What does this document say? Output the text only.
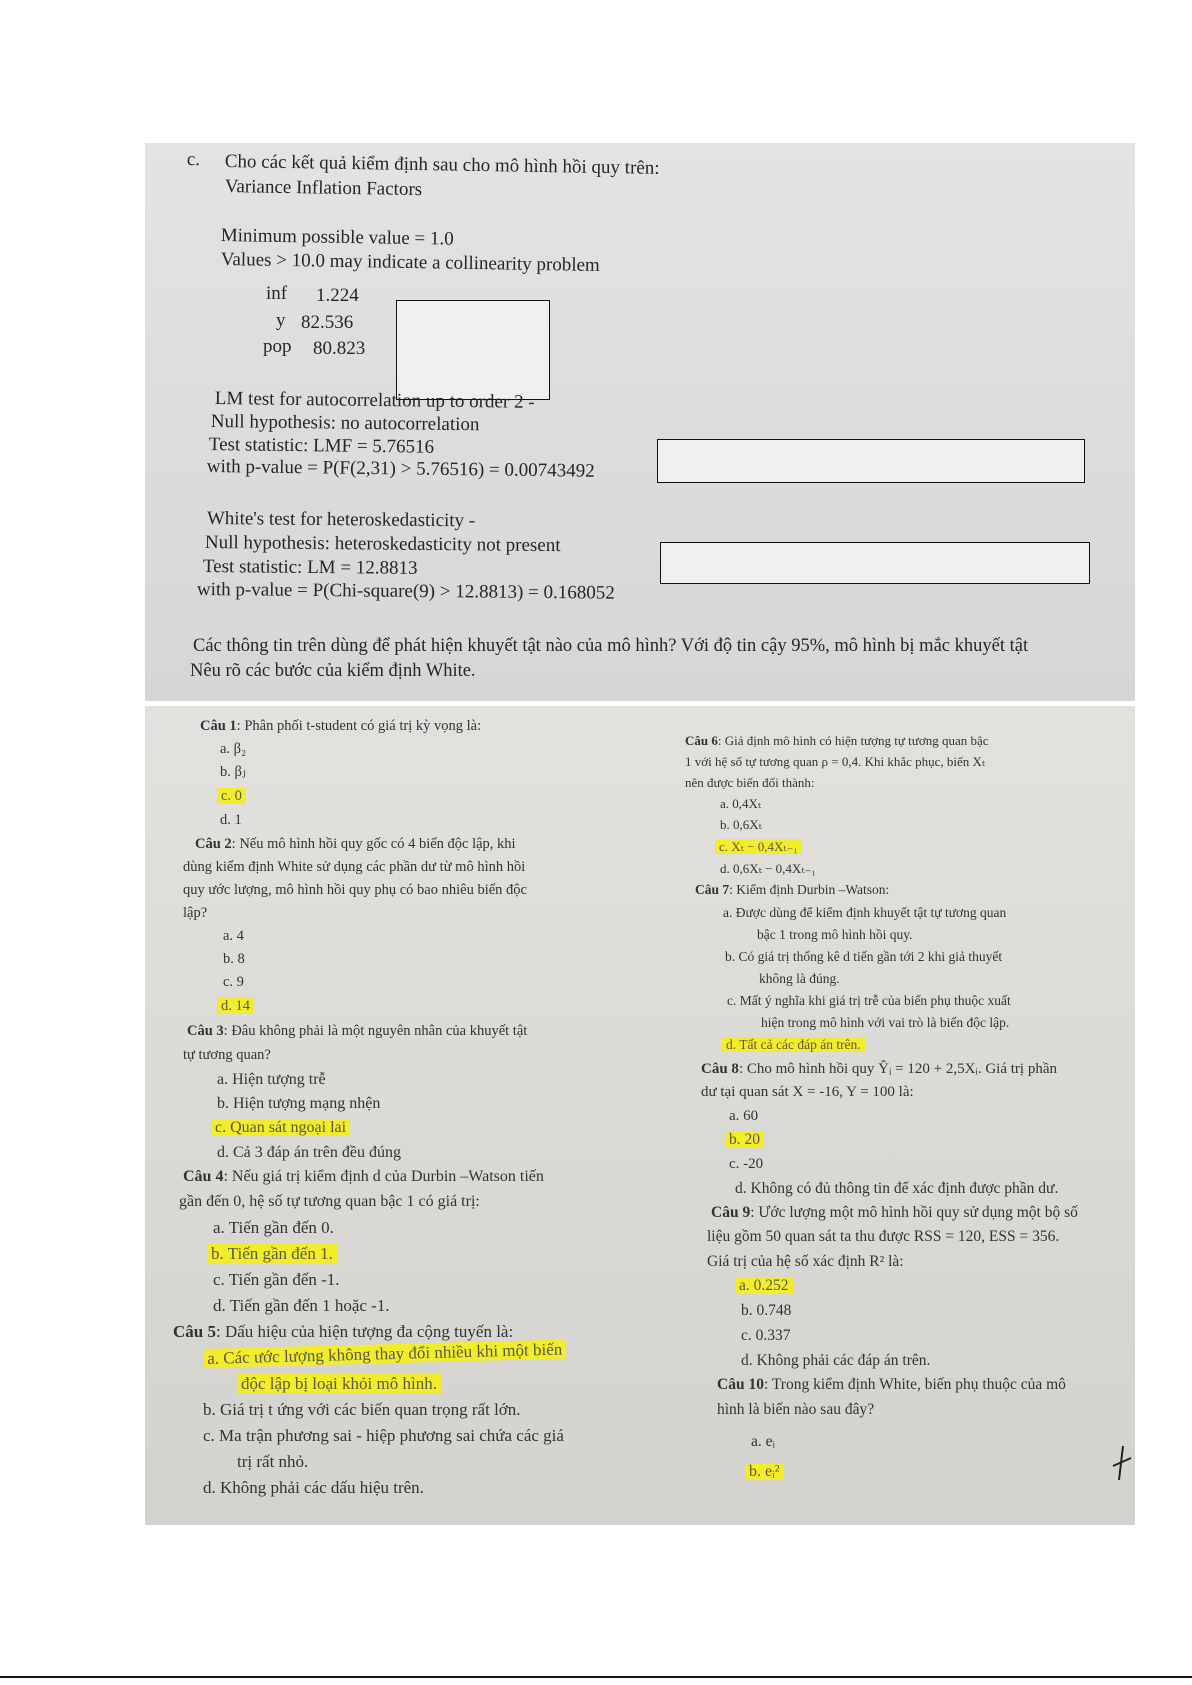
c. Cho các kết quả kiểm định sau cho mô hình hồi quy trên:
Variance Inflation Factors
Minimum possible value = 1.0
Values > 10.0 may indicate a collinearity problem
inf 1.224
y 82.536
pop 80.823
LM test for autocorrelation up to order 2 -
Null hypothesis: no autocorrelation
Test statistic: LMF = 5.76516
with p-value = P(F(2,31) > 5.76516) = 0.00743492
White's test for heteroskedasticity -
Null hypothesis: heteroskedasticity not present
Test statistic: LM = 12.8813
with p-value = P(Chi-square(9) > 12.8813) = 0.168052
Các thông tin trên dùng để phát hiện khuyết tật nào của mô hình? Với độ tin cậy 95%, mô hình bị mắc khuyết tật
Nêu rõ các bước của kiểm định White.
Câu 1: Phân phối t-student có giá trị kỳ vọng là:
a. β₂
b. βⱼ
c. 0
d. 1
Câu 2: Nếu mô hình hồi quy gốc có 4 biến độc lập, khi
dùng kiểm định White sử dụng các phần dư từ mô hình hồi
quy ước lượng, mô hình hồi quy phụ có bao nhiêu biến độc
lập?
a. 4
b. 8
c. 9
d. 14
Câu 3: Đâu không phải là một nguyên nhân của khuyết tật
tự tương quan?
a. Hiện tượng trễ
b. Hiện tượng mạng nhện
c. Quan sát ngoại lai
d. Cả 3 đáp án trên đều đúng
Câu 4: Nếu giá trị kiểm định d của Durbin –Watson tiến
gần đến 0, hệ số tự tương quan bậc 1 có giá trị:
a. Tiến gần đến 0.
b. Tiến gần đến 1.
c. Tiến gần đến -1.
d. Tiến gần đến 1 hoặc -1.
Câu 5: Dấu hiệu của hiện tượng đa cộng tuyến là:
a. Các ước lượng không thay đổi nhiều khi một biến
độc lập bị loại khỏi mô hình.
b. Giá trị t ứng với các biến quan trọng rất lớn.
c. Ma trận phương sai - hiệp phương sai chứa các giá
trị rất nhỏ.
d. Không phải các dấu hiệu trên.
Câu 6: Giả định mô hình có hiện tượng tự tương quan bậc
1 với hệ số tự tương quan ρ = 0,4. Khi khắc phục, biến Xₜ
nên được biến đổi thành:
a. 0,4Xₜ
b. 0,6Xₜ
c. Xₜ − 0,4Xₜ₋₁
d. 0,6Xₜ − 0,4Xₜ₋₁
Câu 7: Kiểm định Durbin –Watson:
a. Được dùng để kiểm định khuyết tật tự tương quan
bậc 1 trong mô hình hồi quy.
b. Có giá trị thống kê d tiến gần tới 2 khi giả thuyết
không là đúng.
c. Mất ý nghĩa khi giá trị trễ của biến phụ thuộc xuất
hiện trong mô hình với vai trò là biến độc lập.
d. Tất cả các đáp án trên.
Câu 8: Cho mô hình hồi quy Ŷᵢ = 120 + 2,5Xᵢ. Giá trị phần
dư tại quan sát X = -16, Y = 100 là:
a. 60
b. 20
c. -20
d. Không có đủ thông tin để xác định được phần dư.
Câu 9: Ước lượng một mô hình hồi quy sử dụng một bộ số
liệu gồm 50 quan sát ta thu được RSS = 120, ESS = 356.
Giá trị của hệ số xác định R² là:
a. 0.252
b. 0.748
c. 0.337
d. Không phải các đáp án trên.
Câu 10: Trong kiểm định White, biến phụ thuộc của mô
hình là biến nào sau đây?
a. eᵢ
b. eᵢ²
